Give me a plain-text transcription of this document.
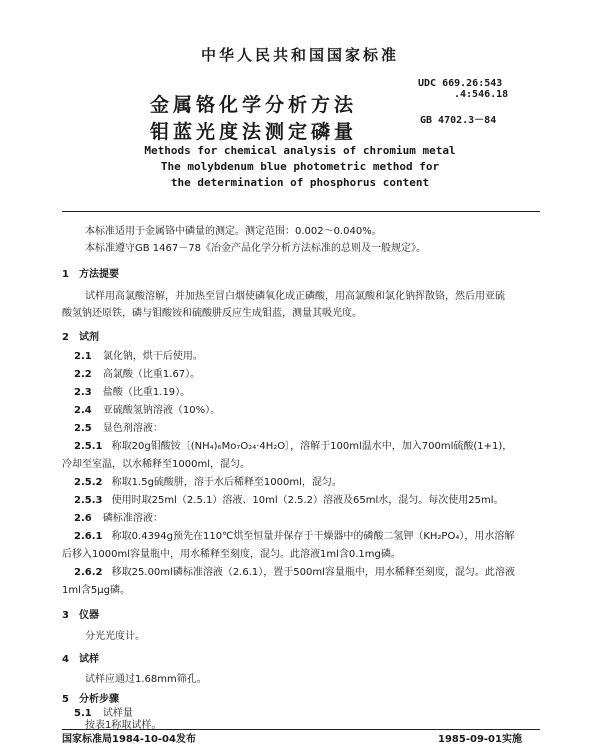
中华人民共和国国家标准
金属铬化学分析方法
钼蓝光度法测定磷量
UDC 669.26:543
.4:546.18
GB 4702.3－84
Methods for chemical analysis of chromium metal
The molybdenum blue photometric method for
the determination of phosphorus content
本标准适用于金属铬中磷量的测定。测定范围：0.002～0.040%。
本标准遵守GB 1467－78《冶金产品化学分析方法标准的总则及一般规定》。
1　方法提要
试样用高氯酸溶解，并加热至冒白烟使磷氧化成正磷酸，用高氯酸和氯化钠挥散铬，然后用亚硫
酸氢钠还原铁，磷与钼酸铵和硫酸肼反应生成钼蓝，测量其吸光度。
2　试剂
2.1 氯化钠，烘干后使用。
2.2 高氯酸（比重1.67）。
2.3 盐酸（比重1.19）。
2.4 亚硫酸氢钠溶液（10%）。
2.5 显色剂溶液：
2.5.1 称取20g钼酸铵〔(NH₄)₆Mo₇O₂₄·4H₂O〕，溶解于100ml温水中，加入700ml硫酸(1+1)，
冷却至室温，以水稀释至1000ml，混匀。
2.5.2 称取1.5g硫酸肼，溶于水后稀释至1000ml，混匀。
2.5.3 使用时取25ml（2.5.1）溶液、10ml（2.5.2）溶液及65ml水，混匀。每次使用25ml。
2.6 磷标准溶液：
2.6.1 称取0.4394g预先在110℃烘至恒量并保存于干燥器中的磷酸二氢钾（KH₂PO₄），用水溶解
后移入1000ml容量瓶中，用水稀释至刻度，混匀。此溶液1ml含0.1mg磷。
2.6.2 移取25.00ml磷标准溶液（2.6.1），置于500ml容量瓶中，用水稀释至刻度，混匀。此溶液
1ml含5μg磷。
3　仪器
分光光度计。
4　试样
试样应通过1.68mm筛孔。
5　分析步骤
5.1 试样量
按表1称取试样。
国家标准局1984-10-04发布	1985-09-01实施
